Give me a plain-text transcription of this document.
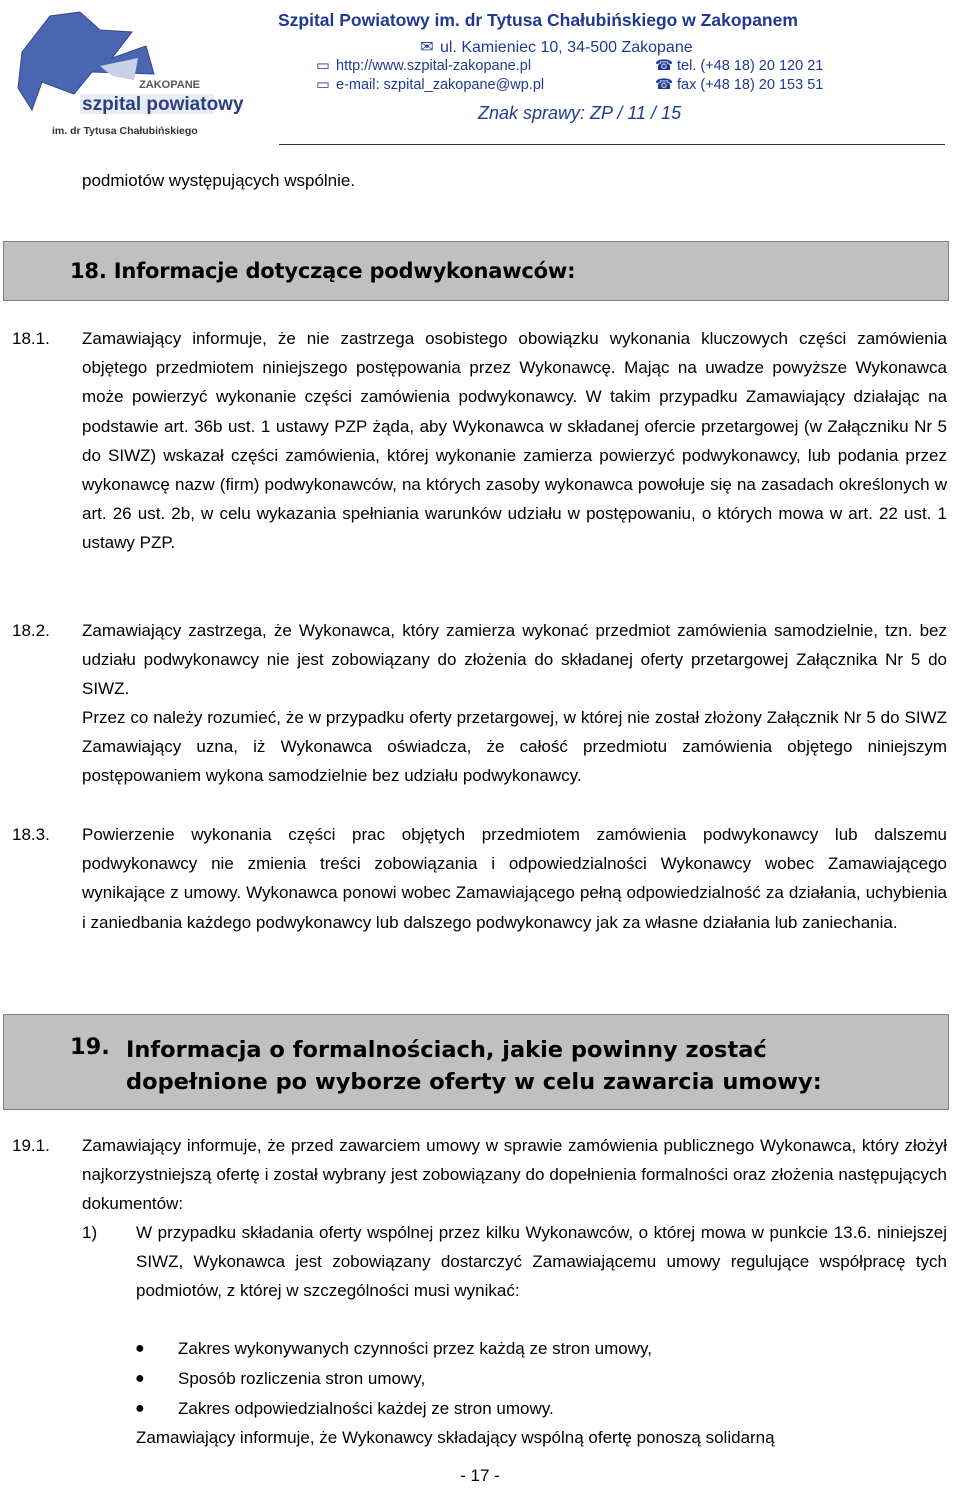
ZAKOPANE
szpital powiatowy
im. dr Tytusa Chałubińskiego
Szpital Powiatowy im. dr Tytusa Chałubińskiego w Zakopanem
✉ ul. Kamieniec 10, 34-500 Zakopane
▭ http://www.szpital-zakopane.pl	☎ tel. (+48 18) 20 120 21
▭ e-mail: szpital_zakopane@wp.pl	☎ fax (+48 18) 20 153 51
Znak sprawy: ZP / 11 / 15
podmiotów występujących wspólnie.
18. Informacje dotyczące podwykonawców:
18.1. Zamawiający informuje, że nie zastrzega osobistego obowiązku wykonania kluczowych części zamówienia objętego przedmiotem niniejszego postępowania przez Wykonawcę. Mając na uwadze powyższe Wykonawca może powierzyć wykonanie części zamówienia podwykonawcy. W takim przypadku Zamawiający działając na podstawie art. 36b ust. 1 ustawy PZP żąda, aby Wykonawca w składanej ofercie przetargowej (w Załączniku Nr 5 do SIWZ) wskazał części zamówienia, której wykonanie zamierza powierzyć podwykonawcy, lub podania przez wykonawcę nazw (firm) podwykonawców, na których zasoby wykonawca powołuje się na zasadach określonych w art. 26 ust. 2b, w celu wykazania spełniania warunków udziału w postępowaniu, o których mowa w art. 22 ust. 1 ustawy PZP.
18.2. Zamawiający zastrzega, że Wykonawca, który zamierza wykonać przedmiot zamówienia samodzielnie, tzn. bez udziału podwykonawcy nie jest zobowiązany do złożenia do składanej oferty przetargowej Załącznika Nr 5 do SIWZ.
Przez co należy rozumieć, że w przypadku oferty przetargowej, w której nie został złożony Załącznik Nr 5 do SIWZ Zamawiający uzna, iż Wykonawca oświadcza, że całość przedmiotu zamówienia objętego niniejszym postępowaniem wykona samodzielnie bez udziału podwykonawcy.
18.3. Powierzenie wykonania części prac objętych przedmiotem zamówienia podwykonawcy lub dalszemu podwykonawcy nie zmienia treści zobowiązania i odpowiedzialności Wykonawcy wobec Zamawiającego wynikające z umowy. Wykonawca ponowi wobec Zamawiającego pełną odpowiedzialność za działania, uchybienia i zaniedbania każdego podwykonawcy lub dalszego podwykonawcy jak za własne działania lub zaniechania.
19. Informacja o formalnościach, jakie powinny zostać
dopełnione po wyborze oferty w celu zawarcia umowy:
19.1. Zamawiający informuje, że przed zawarciem umowy w sprawie zamówienia publicznego Wykonawca, który złożył najkorzystniejszą ofertę i został wybrany jest zobowiązany do dopełnienia formalności oraz złożenia następujących dokumentów:
1) W przypadku składania oferty wspólnej przez kilku Wykonawców, o której mowa w punkcie 13.6. niniejszej SIWZ, Wykonawca jest zobowiązany dostarczyć Zamawiającemu umowy regulujące współpracę tych podmiotów, z której w szczególności musi wynikać:
● Zakres wykonywanych czynności przez każdą ze stron umowy,
● Sposób rozliczenia stron umowy,
● Zakres odpowiedzialności każdej ze stron umowy.
Zamawiający informuje, że Wykonawcy składający wspólną ofertę ponoszą solidarną
- 17 -
